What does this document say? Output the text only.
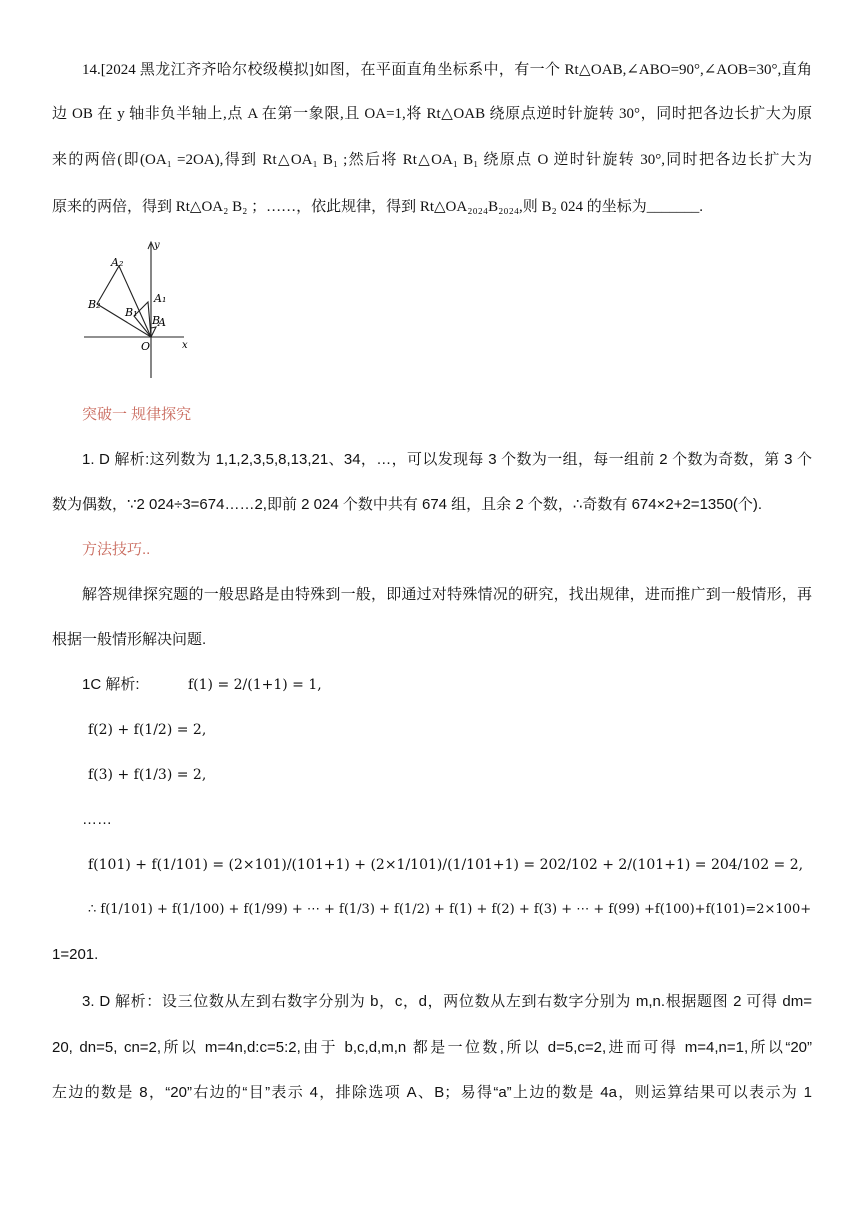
14.[2024 黑龙江齐齐哈尔校级模拟]如图，在平面直角坐标系中，有一个 Rt△OAB,∠ABO=90°,∠AOB=30°,直角
边 OB 在 y 轴非负半轴上,点 A 在第一象限,且 OA=1,将 Rt△OAB 绕原点逆时针旋转 30°，同时把各边长扩大为原
来的两倍(即(OA₁ =2OA),得到 Rt△OA₁ B₁ ;然后将 Rt△OA₁ B₁ 绕原点 O 逆时针旋转 30°,同时把各边长扩大为
原来的两倍，得到 Rt△OA₂ B₂ ；……，依此规律，得到 Rt△OA₂₀₂₄B₂₀₂₄,则 B₂ 024 的坐标为_______.
A₂
A₁
B₂
B₁
B
A
O	x
y
突破一 规律探究
1. D 解析:这列数为 1,1,2,3,5,8,13,21、34，…，可以发现每 3 个数为一组，每一组前 2 个数为奇数，第 3 个
数为偶数，∵2 024÷3=674……2,即前 2 024 个数中共有 674 组，且余 2 个数，∴奇数有 674×2+2=1350(个).
方法技巧..
解答规律探究题的一般思路是由特殊到一般，即通过对特殊情况的研究，找出规律，进而推广到一般情形，再
根据一般情形解决问题.
1C 解析:	f(1) = 2/(1+1) = 1,
f(2) + f(1/2) = 2,
f(3) + f(1/3) = 2,
……
f(101) + f(1/101) = (2×101)/(101+1) + (2×1/101)/(1/101+1) = 202/102 + 2/(101+1) = 204/102 = 2,
∴ f(1/101) + f(1/100) + f(1/99) + ⋯ + f(1/3) + f(1/2) + f(1) + f(2) + f(3) + ⋯ + f(99) +f(100)+f(101)=2×100+
1=201.
3. D 解析：设三位数从左到右数字分别为 b，c，d，两位数从左到右数字分别为 m,n.根据题图 2 可得 dm=
20, dn=5, cn=2,所以 m=4n,d:c=5:2,由于 b,c,d,m,n 都是一位数,所以 d=5,c=2,进而可得 m=4,n=1,所以“20”
左边的数是 8，“20”右边的“目”表示 4，排除选项 A、B；易得“a”上边的数是 4a，则运算结果可以表示为 1
